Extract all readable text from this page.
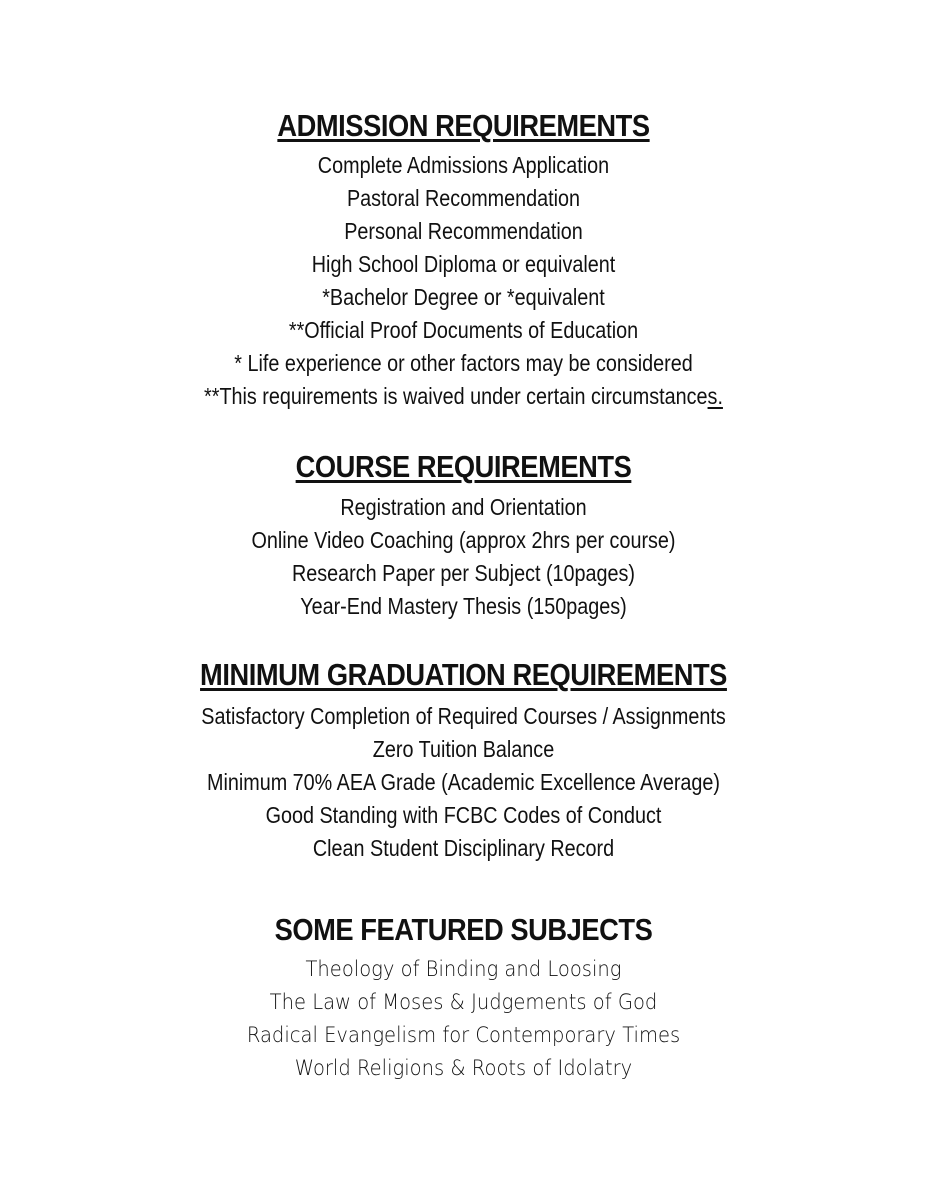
ADMISSION REQUIREMENTS

Complete Admissions Application

Pastoral Recommendation

Personal Recommendation

High School Diploma or equivalent

*Bachelor Degree or *equivalent

**Official Proof Documents of Education

* Life experience or other factors may be considered

**This requirements is waived under certain circumstances.

COURSE REQUIREMENTS

Registration and Orientation

Online Video Coaching (approx 2hrs per course)

Research Paper per Subject (10pages)

Year-End Mastery Thesis (150pages)

MINIMUM GRADUATION REQUIREMENTS

Satisfactory Completion of Required Courses / Assignments

Zero Tuition Balance

Minimum 70% AEA Grade (Academic Excellence Average)

Good Standing with FCBC Codes of Conduct

Clean Student Disciplinary Record

SOME FEATURED SUBJECTS

Theology of Binding and Loosing

The Law of Moses & Judgements of God

Radical Evangelism for Contemporary Times

World Religions & Roots of Idolatry
